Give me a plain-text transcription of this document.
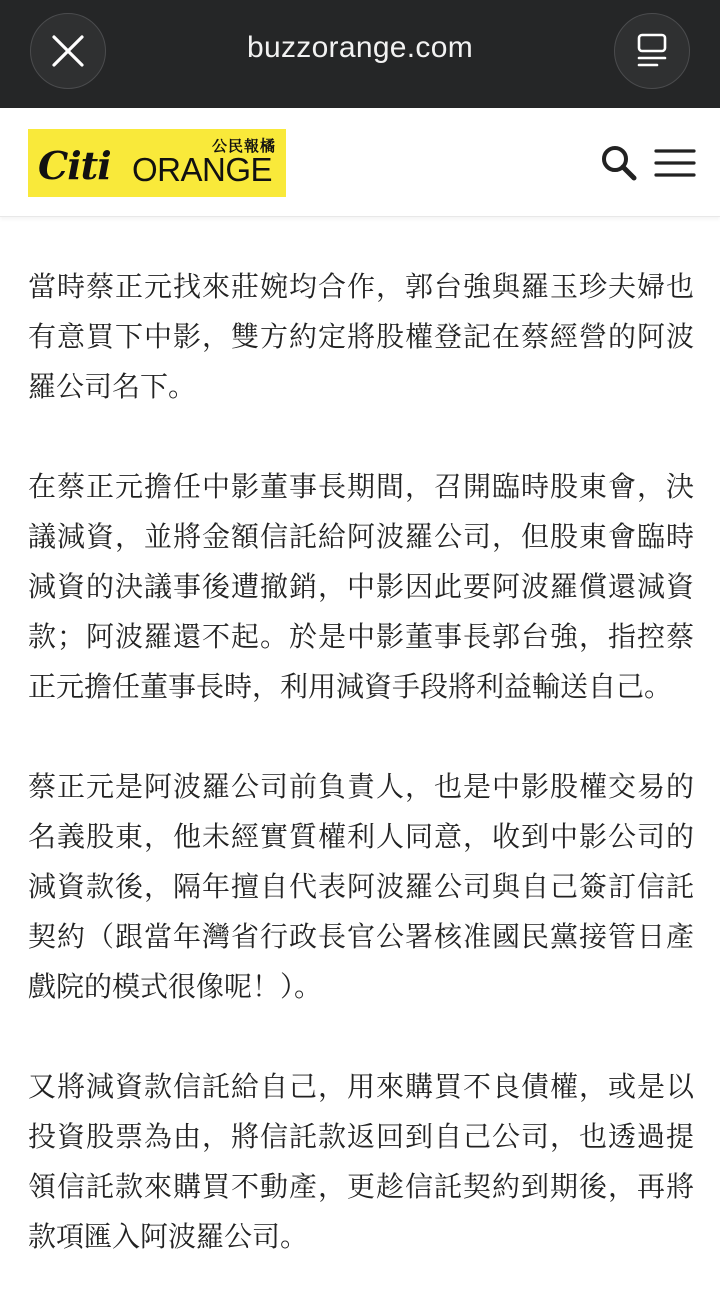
buzzorange.com
公民報橘
Citi ORANGE

當時蔡正元找來莊婉均合作，郭台強與羅玉珍夫婦也有意買下中影，雙方約定將股權登記在蔡經營的阿波羅公司名下。

在蔡正元擔任中影董事長期間，召開臨時股東會，決議減資，並將金額信託給阿波羅公司，但股東會臨時減資的決議事後遭撤銷，中影因此要阿波羅償還減資款；阿波羅還不起。於是中影董事長郭台強，指控蔡正元擔任董事長時，利用減資手段將利益輸送自己。

蔡正元是阿波羅公司前負責人，也是中影股權交易的名義股東，他未經實質權利人同意，收到中影公司的減資款後，隔年擅自代表阿波羅公司與自己簽訂信託契約（跟當年灣省行政長官公署核准國民黨接管日產戲院的模式很像呢！）。

又將減資款信託給自己，用來購買不良債權，或是以投資股票為由，將信託款返回到自己公司，也透過提領信託款來購買不動產，更趁信託契約到期後，再將款項匯入阿波羅公司。
